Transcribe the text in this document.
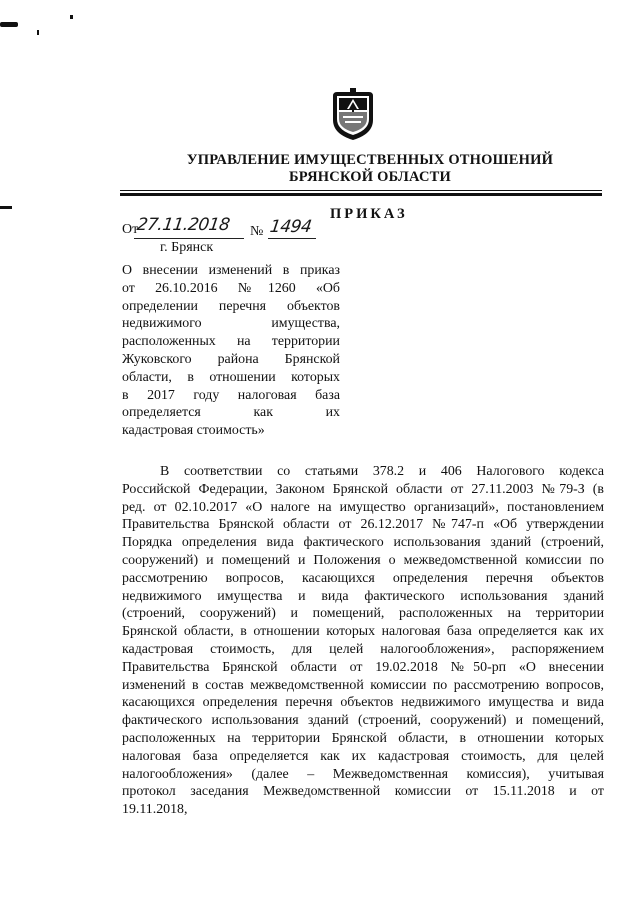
УПРАВЛЕНИЕ ИМУЩЕСТВЕННЫХ ОТНОШЕНИЙ
БРЯНСКОЙ ОБЛАСТИ
ПРИКАЗ
От
27.11.2018 № 1494
г. Брянск
О внесении изменений в приказ
от 26.10.2016 №1260 «Об
определении перечня объектов
недвижимого имущества,
расположенных на территории
Жуковского района Брянской
области, в отношении которых
в 2017 году налоговая база
определяется как их
кадастровая стоимость»
В соответствии со статьями 378.2 и 406 Налогового кодекса
Российской Федерации, Законом Брянской области от 27.11.2003 №79-З (в
ред. от 02.10.2017 «О налоге на имущество организаций», постановлением
Правительства Брянской области от 26.12.2017 №747-п «Об утверждении
Порядка определения вида фактического использования зданий (строений,
сооружений) и помещений и Положения о межведомственной комиссии по
рассмотрению вопросов, касающихся определения перечня объектов
недвижимого имущества и вида фактического использования зданий
(строений, сооружений) и помещений, расположенных на территории
Брянской области, в отношении которых налоговая база определяется как их
кадастровая стоимость, для целей налогообложения», распоряжением
Правительства Брянской области от 19.02.2018 №50-рп «О внесении
изменений в состав межведомственной комиссии по рассмотрению вопросов,
касающихся определения перечня объектов недвижимого имущества и вида
фактического использования зданий (строений, сооружений) и помещений,
расположенных на территории Брянской области, в отношении которых
налоговая база определяется как их кадастровая стоимость, для целей
налогообложения» (далее – Межведомственная комиссия), учитывая
протокол заседания Межведомственной комиссии от 15.11.2018 и от
19.11.2018,
